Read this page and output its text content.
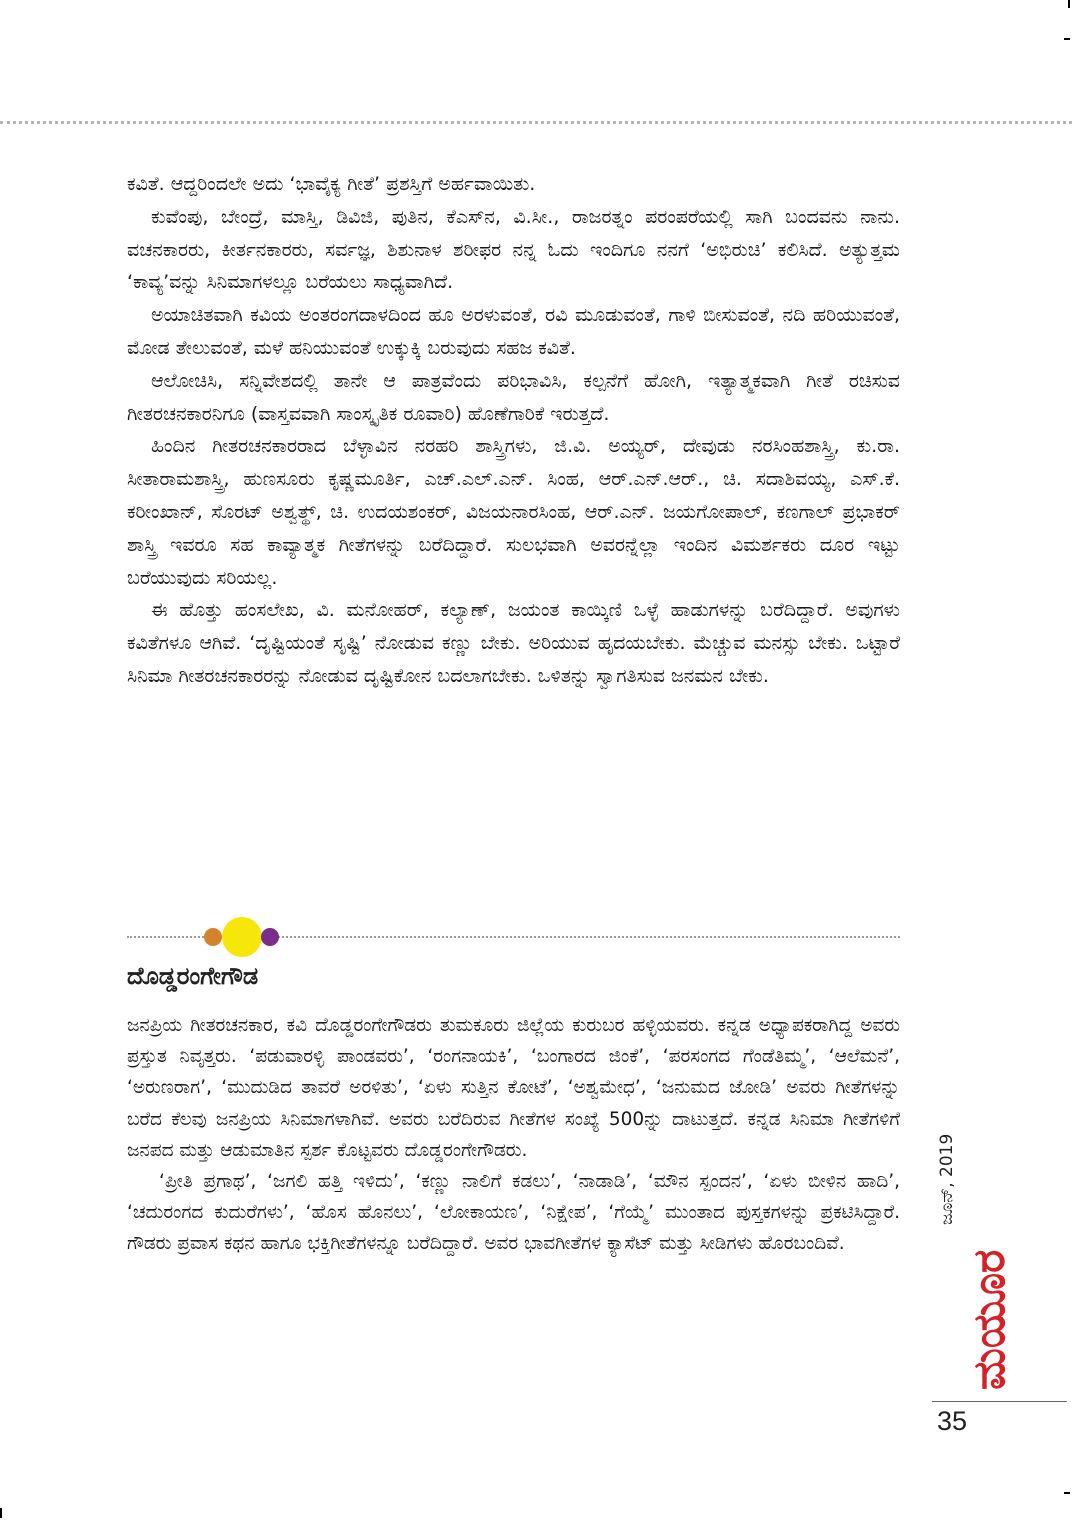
ಕವಿತೆ. ಆದ್ದರಿಂದಲೇ ಅದು ‘ಭಾವೈಕ್ಯ ಗೀತೆ’ ಪ್ರಶಸ್ತಿಗೆ ಅರ್ಹವಾಯಿತು.

ಕುವೆಂಪು, ಬೇಂದ್ರೆ, ಮಾಸ್ತಿ, ಡಿವಿಜಿ, ಪುತಿನ, ಕೆಎಸ್‌ನ, ವಿ.ಸೀ., ರಾಜರತ್ನಂ ಪರಂಪರೆಯಲ್ಲಿ ಸಾಗಿ ಬಂದವನು ನಾನು. ವಚನಕಾರರು, ಕೀರ್ತನಕಾರರು, ಸರ್ವಜ್ಞ, ಶಿಶುನಾಳ ಶರೀಫರ ನನ್ನ ಓದು ಇಂದಿಗೂ ನನಗೆ ‘ಅಭಿರುಚಿ’ ಕಲಿಸಿದೆ. ಅತ್ಯುತ್ತಮ ‘ಕಾವ್ಯ’ವನ್ನು ಸಿನಿಮಾಗಳಲ್ಲೂ ಬರೆಯಲು ಸಾಧ್ಯವಾಗಿದೆ.

ಅಯಾಚಿತವಾಗಿ ಕವಿಯ ಅಂತರಂಗದಾಳದಿಂದ ಹೂ ಅರಳುವಂತೆ, ರವಿ ಮೂಡುವಂತೆ, ಗಾಳಿ ಬೀಸುವಂತೆ, ನದಿ ಹರಿಯುವಂತೆ, ಮೋಡ ತೇಲುವಂತೆ, ಮಳೆ ಹನಿಯುವಂತೆ ಉಕ್ಕುಕ್ಕಿ ಬರುವುದು ಸಹಜ ಕವಿತೆ.

ಆಲೋಚಿಸಿ, ಸನ್ನಿವೇಶದಲ್ಲಿ ತಾನೇ ಆ ಪಾತ್ರವೆಂದು ಪರಿಭಾವಿಸಿ, ಕಲ್ಪನೆಗೆ ಹೋಗಿ, ಇತ್ಯಾತ್ಮಕವಾಗಿ ಗೀತೆ ರಚಿಸುವ ಗೀತರಚನಕಾರನಿಗೂ (ವಾಸ್ತವವಾಗಿ ಸಾಂಸ್ಕೃತಿಕ ರೂವಾರಿ) ಹೊಣೆಗಾರಿಕೆ ಇರುತ್ತದೆ.

ಹಿಂದಿನ ಗೀತರಚನಕಾರರಾದ ಬೆಳ್ಳಾವಿನ ನರಹರಿ ಶಾಸ್ತ್ರಿಗಳು, ಜಿ.ವಿ. ಅಯ್ಯರ್, ದೇವುಡು ನರಸಿಂಹಶಾಸ್ತ್ರಿ, ಕು.ರಾ. ಸೀತಾರಾಮಶಾಸ್ತ್ರಿ, ಹುಣಸೂರು ಕೃಷ್ಣಮೂರ್ತಿ, ಎಚ್.ಎಲ್.ಎನ್. ಸಿಂಹ, ಆರ್.ಎನ್.ಆರ್., ಚಿ. ಸದಾಶಿವಯ್ಯ, ಎಸ್.ಕೆ. ಕರೀಂಖಾನ್, ಸೊರಟ್ ಅಶ್ವತ್ಥ್, ಚಿ. ಉದಯಶಂಕರ್, ವಿಜಯನಾರಸಿಂಹ, ಆರ್.ಎನ್. ಜಯಗೋಪಾಲ್, ಕಣಗಾಲ್ ಪ್ರಭಾಕರ್ ಶಾಸ್ತ್ರಿ ಇವರೂ ಸಹ ಕಾವ್ಯಾತ್ಮಕ ಗೀತೆಗಳನ್ನು ಬರೆದಿದ್ದಾರೆ. ಸುಲಭವಾಗಿ ಅವರನ್ನೆಲ್ಲಾ ಇಂದಿನ ವಿಮರ್ಶಕರು ದೂರ ಇಟ್ಟು ಬರೆಯುವುದು ಸರಿಯಲ್ಲ.

ಈ ಹೊತ್ತು ಹಂಸಲೇಖ, ವಿ. ಮನೋಹರ್, ಕಲ್ಯಾಣ್, ಜಯಂತ ಕಾಯ್ಕಿಣಿ ಒಳ್ಳೆ ಹಾಡುಗಳನ್ನು ಬರೆದಿದ್ದಾರೆ. ಅವುಗಳು ಕವಿತೆಗಳೂ ಆಗಿವೆ. ‘ದೃಷ್ಟಿಯಂತೆ ಸೃಷ್ಟಿ’ ನೋಡುವ ಕಣ್ಣು ಬೇಕು. ಅರಿಯುವ ಹೃದಯಬೇಕು. ಮೆಚ್ಚುವ ಮನಸ್ಸು ಬೇಕು. ಒಟ್ಟಾರೆ ಸಿನಿಮಾ ಗೀತರಚನಕಾರರನ್ನು ನೋಡುವ ದೃಷ್ಟಿಕೋನ ಬದಲಾಗಬೇಕು. ಒಳಿತನ್ನು ಸ್ವಾಗತಿಸುವ ಜನಮನ ಬೇಕು.

ದೊಡ್ಡರಂಗೇಗೌಡ

ಜನಪ್ರಿಯ ಗೀತರಚನಕಾರ, ಕವಿ ದೊಡ್ಡರಂಗೇಗೌಡರು ತುಮಕೂರು ಜಿಲ್ಲೆಯ ಕುರುಬರ ಹಳ್ಳಿಯವರು. ಕನ್ನಡ ಅಧ್ಯಾಪಕರಾಗಿದ್ದ ಅವರು ಪ್ರಸ್ತುತ ನಿವೃತ್ತರು. ‘ಪಡುವಾರಳ್ಳಿ ಪಾಂಡವರು’, ‘ರಂಗನಾಯಕಿ’, ‘ಬಂಗಾರದ ಜಿಂಕೆ’, ‘ಪರಸಂಗದ ಗೆಂಡೆತಿಮ್ಮ’, ‘ಆಲೆಮನೆ’, ‘ಅರುಣರಾಗ’, ‘ಮುದುಡಿದ ತಾವರೆ ಅರಳಿತು’, ‘ಏಳು ಸುತ್ತಿನ ಕೋಟೆ’, ‘ಅಶ್ವಮೇಧ’, ‘ಜನುಮದ ಜೋಡಿ’ ಅವರು ಗೀತೆಗಳನ್ನು ಬರೆದ ಕೆಲವು ಜನಪ್ರಿಯ ಸಿನಿಮಾಗಳಾಗಿವೆ. ಅವರು ಬರೆದಿರುವ ಗೀತೆಗಳ ಸಂಖ್ಯೆ 500ನ್ನು ದಾಟುತ್ತದೆ. ಕನ್ನಡ ಸಿನಿಮಾ ಗೀತೆಗಳಿಗೆ ಜನಪದ ಮತ್ತು ಆಡುಮಾತಿನ ಸ್ಪರ್ಶ ಕೊಟ್ಟವರು ದೊಡ್ಡರಂಗೇಗೌಡರು.

‘ಪ್ರೀತಿ ಪ್ರಗಾಥ’, ‘ಜಗಲಿ ಹತ್ತಿ ಇಳಿದು’, ‘ಕಣ್ಣು ನಾಲಿಗೆ ಕಡಲು’, ‘ನಾಡಾಡಿ’, ‘ಮೌನ ಸ್ಪಂದನ’, ‘ಏಳು ಬೀಳಿನ ಹಾದಿ’, ‘ಚದುರಂಗದ ಕುದುರೆಗಳು’, ‘ಹೊಸ ಹೊನಲು’, ‘ಲೋಕಾಯಣ’, ‘ನಿಕ್ಷೇಪ’, ‘ಗೆಯ್ಮೆ’ ಮುಂತಾದ ಪುಸ್ತಕಗಳನ್ನು ಪ್ರಕಟಿಸಿದ್ದಾರೆ. ಗೌಡರು ಪ್ರವಾಸ ಕಥನ ಹಾಗೂ ಭಕ್ತಿಗೀತೆಗಳನ್ನೂ ಬರೆದಿದ್ದಾರೆ. ಅವರ ಭಾವಗೀತೆಗಳ ಕ್ಯಾಸೆಟ್ ಮತ್ತು ಸೀಡಿಗಳು ಹೊರಬಂದಿವೆ.

ಜೂನ್, 2019
ಮಯೂರ
35
